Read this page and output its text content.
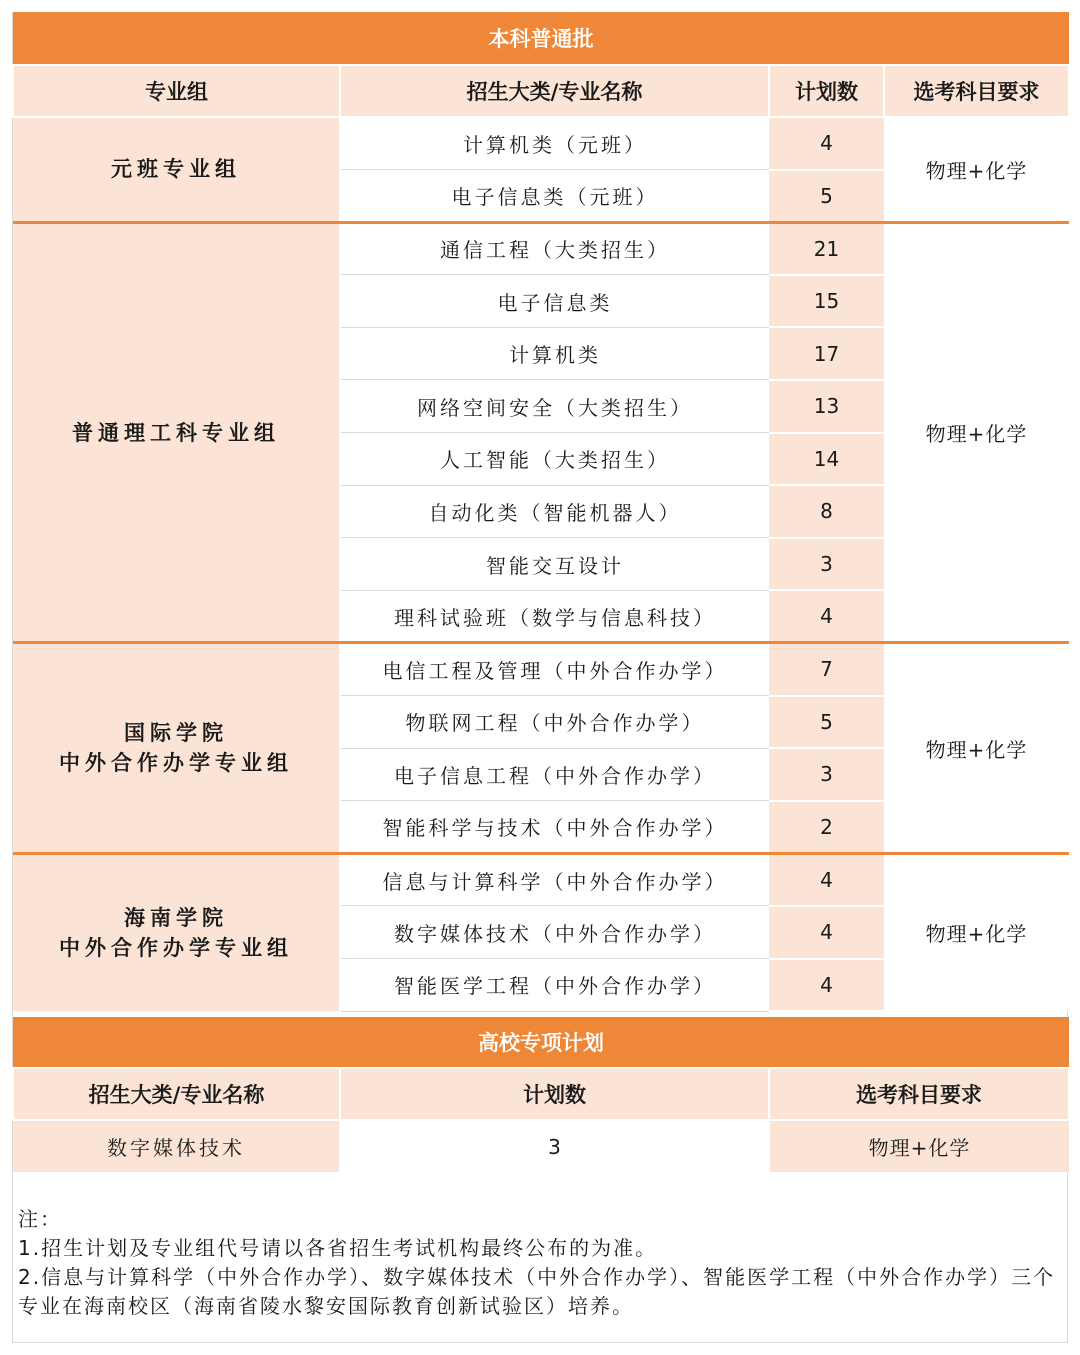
本科普通批			
专业组	招生大类/专业名称	计划数	选考科目要求

元班专业组	计算机类（元班）	4	物理+化学
	电子信息类（元班）	5	

普通理工科专业组	通信工程（大类招生）	21	物理+化学
	电子信息类	15	
	计算机类	17	
	网络空间安全（大类招生）	13	
	人工智能（大类招生）	14	
	自动化类（智能机器人）	8	
	智能交互设计	3	
	理科试验班（数学与信息科技）	4	

国际学院
中外合作办学专业组	电信工程及管理（中外合作办学）	7	物理+化学
	物联网工程（中外合作办学）	5	
	电子信息工程（中外合作办学）	3	
	智能科学与技术（中外合作办学）	2	

海南学院
中外合作办学专业组	信息与计算科学（中外合作办学）	4	物理+化学
	数字媒体技术（中外合作办学）	4	
	智能医学工程（中外合作办学）	4	
高校专项计划		
招生大类/专业名称	计划数	选考科目要求
数字媒体技术	3	物理+化学
注：
1.招生计划及专业组代号请以各省招生考试机构最终公布的为准。
2.信息与计算科学（中外合作办学）、数字媒体技术（中外合作办学）、智能医学工程（中外合作办学）三个专业在海南校区（海南省陵水黎安国际教育创新试验区）培养。
